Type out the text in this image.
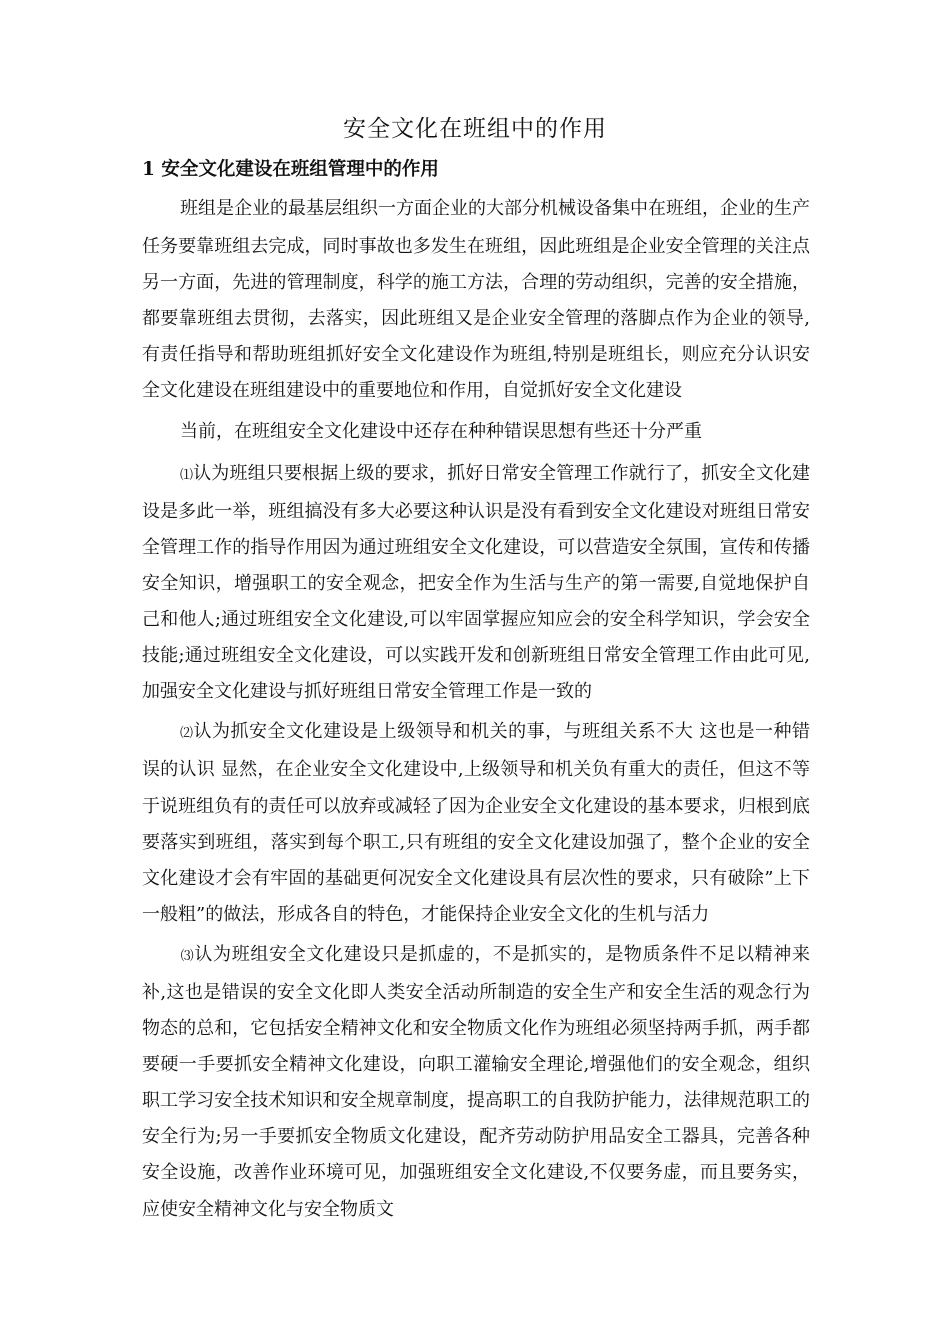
安全文化在班组中的作用
1 安全文化建设在班组管理中的作用

班组是企业的最基层组织一方面企业的大部分机械设备集中在班组，企业的生产任务要靠班组去完成，同时事故也多发生在班组，因此班组是企业安全管理的关注点另一方面，先进的管理制度，科学的施工方法，合理的劳动组织，完善的安全措施，都要靠班组去贯彻，去落实，因此班组又是企业安全管理的落脚点作为企业的领导,有责任指导和帮助班组抓好安全文化建设作为班组,特别是班组长，则应充分认识安全文化建设在班组建设中的重要地位和作用，自觉抓好安全文化建设

当前，在班组安全文化建设中还存在种种错误思想有些还十分严重

⑴认为班组只要根据上级的要求，抓好日常安全管理工作就行了，抓安全文化建设是多此一举，班组搞没有多大必要这种认识是没有看到安全文化建设对班组日常安全管理工作的指导作用因为通过班组安全文化建设，可以营造安全氛围，宣传和传播安全知识，增强职工的安全观念，把安全作为生活与生产的第一需要,自觉地保护自己和他人;通过班组安全文化建设,可以牢固掌握应知应会的安全科学知识，学会安全技能;通过班组安全文化建设，可以实践开发和创新班组日常安全管理工作由此可见,加强安全文化建设与抓好班组日常安全管理工作是一致的

⑵认为抓安全文化建设是上级领导和机关的事，与班组关系不大 这也是一种错误的认识 显然，在企业安全文化建设中,上级领导和机关负有重大的责任，但这不等于说班组负有的责任可以放弃或减轻了因为企业安全文化建设的基本要求，归根到底要落实到班组，落实到每个职工,只有班组的安全文化建设加强了，整个企业的安全文化建设才会有牢固的基础更何况安全文化建设具有层次性的要求，只有破除”上下一般粗”的做法，形成各自的特色，才能保持企业安全文化的生机与活力

⑶认为班组安全文化建设只是抓虚的，不是抓实的，是物质条件不足以精神来补,这也是错误的安全文化即人类安全活动所制造的安全生产和安全生活的观念行为物态的总和，它包括安全精神文化和安全物质文化作为班组必须坚持两手抓，两手都要硬一手要抓安全精神文化建设，向职工灌输安全理论,增强他们的安全观念，组织职工学习安全技术知识和安全规章制度，提高职工的自我防护能力，法律规范职工的安全行为;另一手要抓安全物质文化建设，配齐劳动防护用品安全工器具，完善各种安全设施，改善作业环境可见，加强班组安全文化建设,不仅要务虚，而且要务实，应使安全精神文化与安全物质文
